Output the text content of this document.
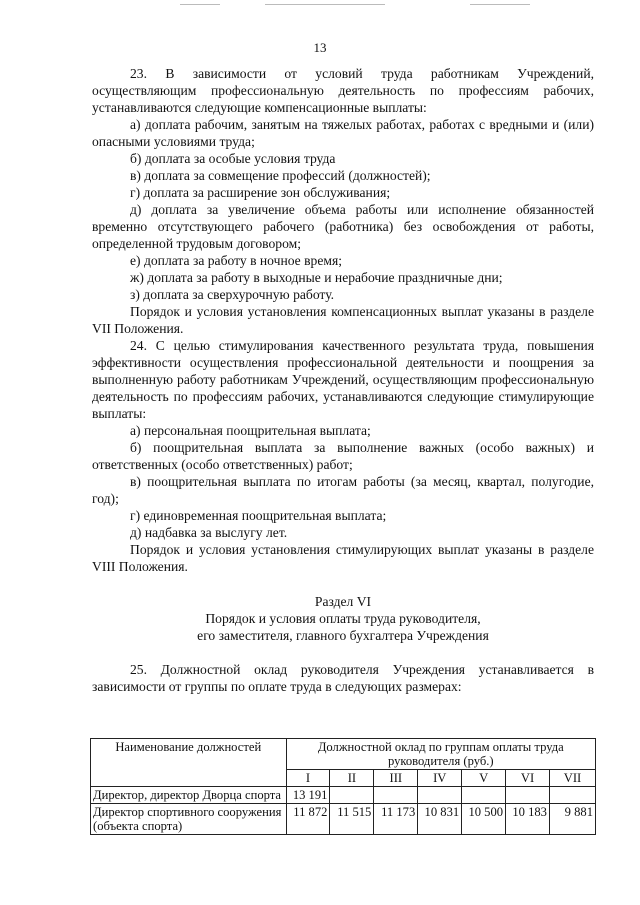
13

23. В зависимости от условий труда работникам Учреждений, осуществляющим профессиональную деятельность по профессиям рабочих, устанавливаются следующие компенсационные выплаты:

а) доплата рабочим, занятым на тяжелых работах, работах с вредными и (или) опасными условиями труда;

б) доплата за особые условия труда

в) доплата за совмещение профессий (должностей);

г) доплата за расширение зон обслуживания;

д) доплата за увеличение объема работы или исполнение обязанностей временно отсутствующего рабочего (работника) без освобождения от работы, определенной трудовым договором;

е) доплата за работу в ночное время;

ж) доплата за работу в выходные и нерабочие праздничные дни;

з) доплата за сверхурочную работу.

Порядок и условия установления компенсационных выплат указаны в разделе VII Положения.

24. С целью стимулирования качественного результата труда, повышения эффективности осуществления профессиональной деятельности и поощрения за выполненную работу работникам Учреждений, осуществляющим профессиональную деятельность по профессиям рабочих, устанавливаются следующие стимулирующие выплаты:

а) персональная поощрительная выплата;

б) поощрительная выплата за выполнение важных (особо важных) и ответственных (особо ответственных) работ;

в) поощрительная выплата по итогам работы (за месяц, квартал, полугодие, год);

г) единовременная поощрительная выплата;

д) надбавка за выслугу лет.

Порядок и условия установления стимулирующих выплат указаны в разделе VIII Положения.

Раздел VI

Порядок и условия оплаты труда руководителя,

его заместителя, главного бухгалтера Учреждения

25. Должностной оклад руководителя Учреждения устанавливается в зависимости от группы по оплате труда в следующих размерах:

Наименование должностей	Должностной оклад по группам оплаты труда руководителя (руб.)						
	I	II	III	IV	V	VI	VII
Директор, директор Дворца спорта	13 191						
Директор спортивного сооружения (объекта спорта)	11 872	11 515	11 173	10 831	10 500	10 183	9 881
